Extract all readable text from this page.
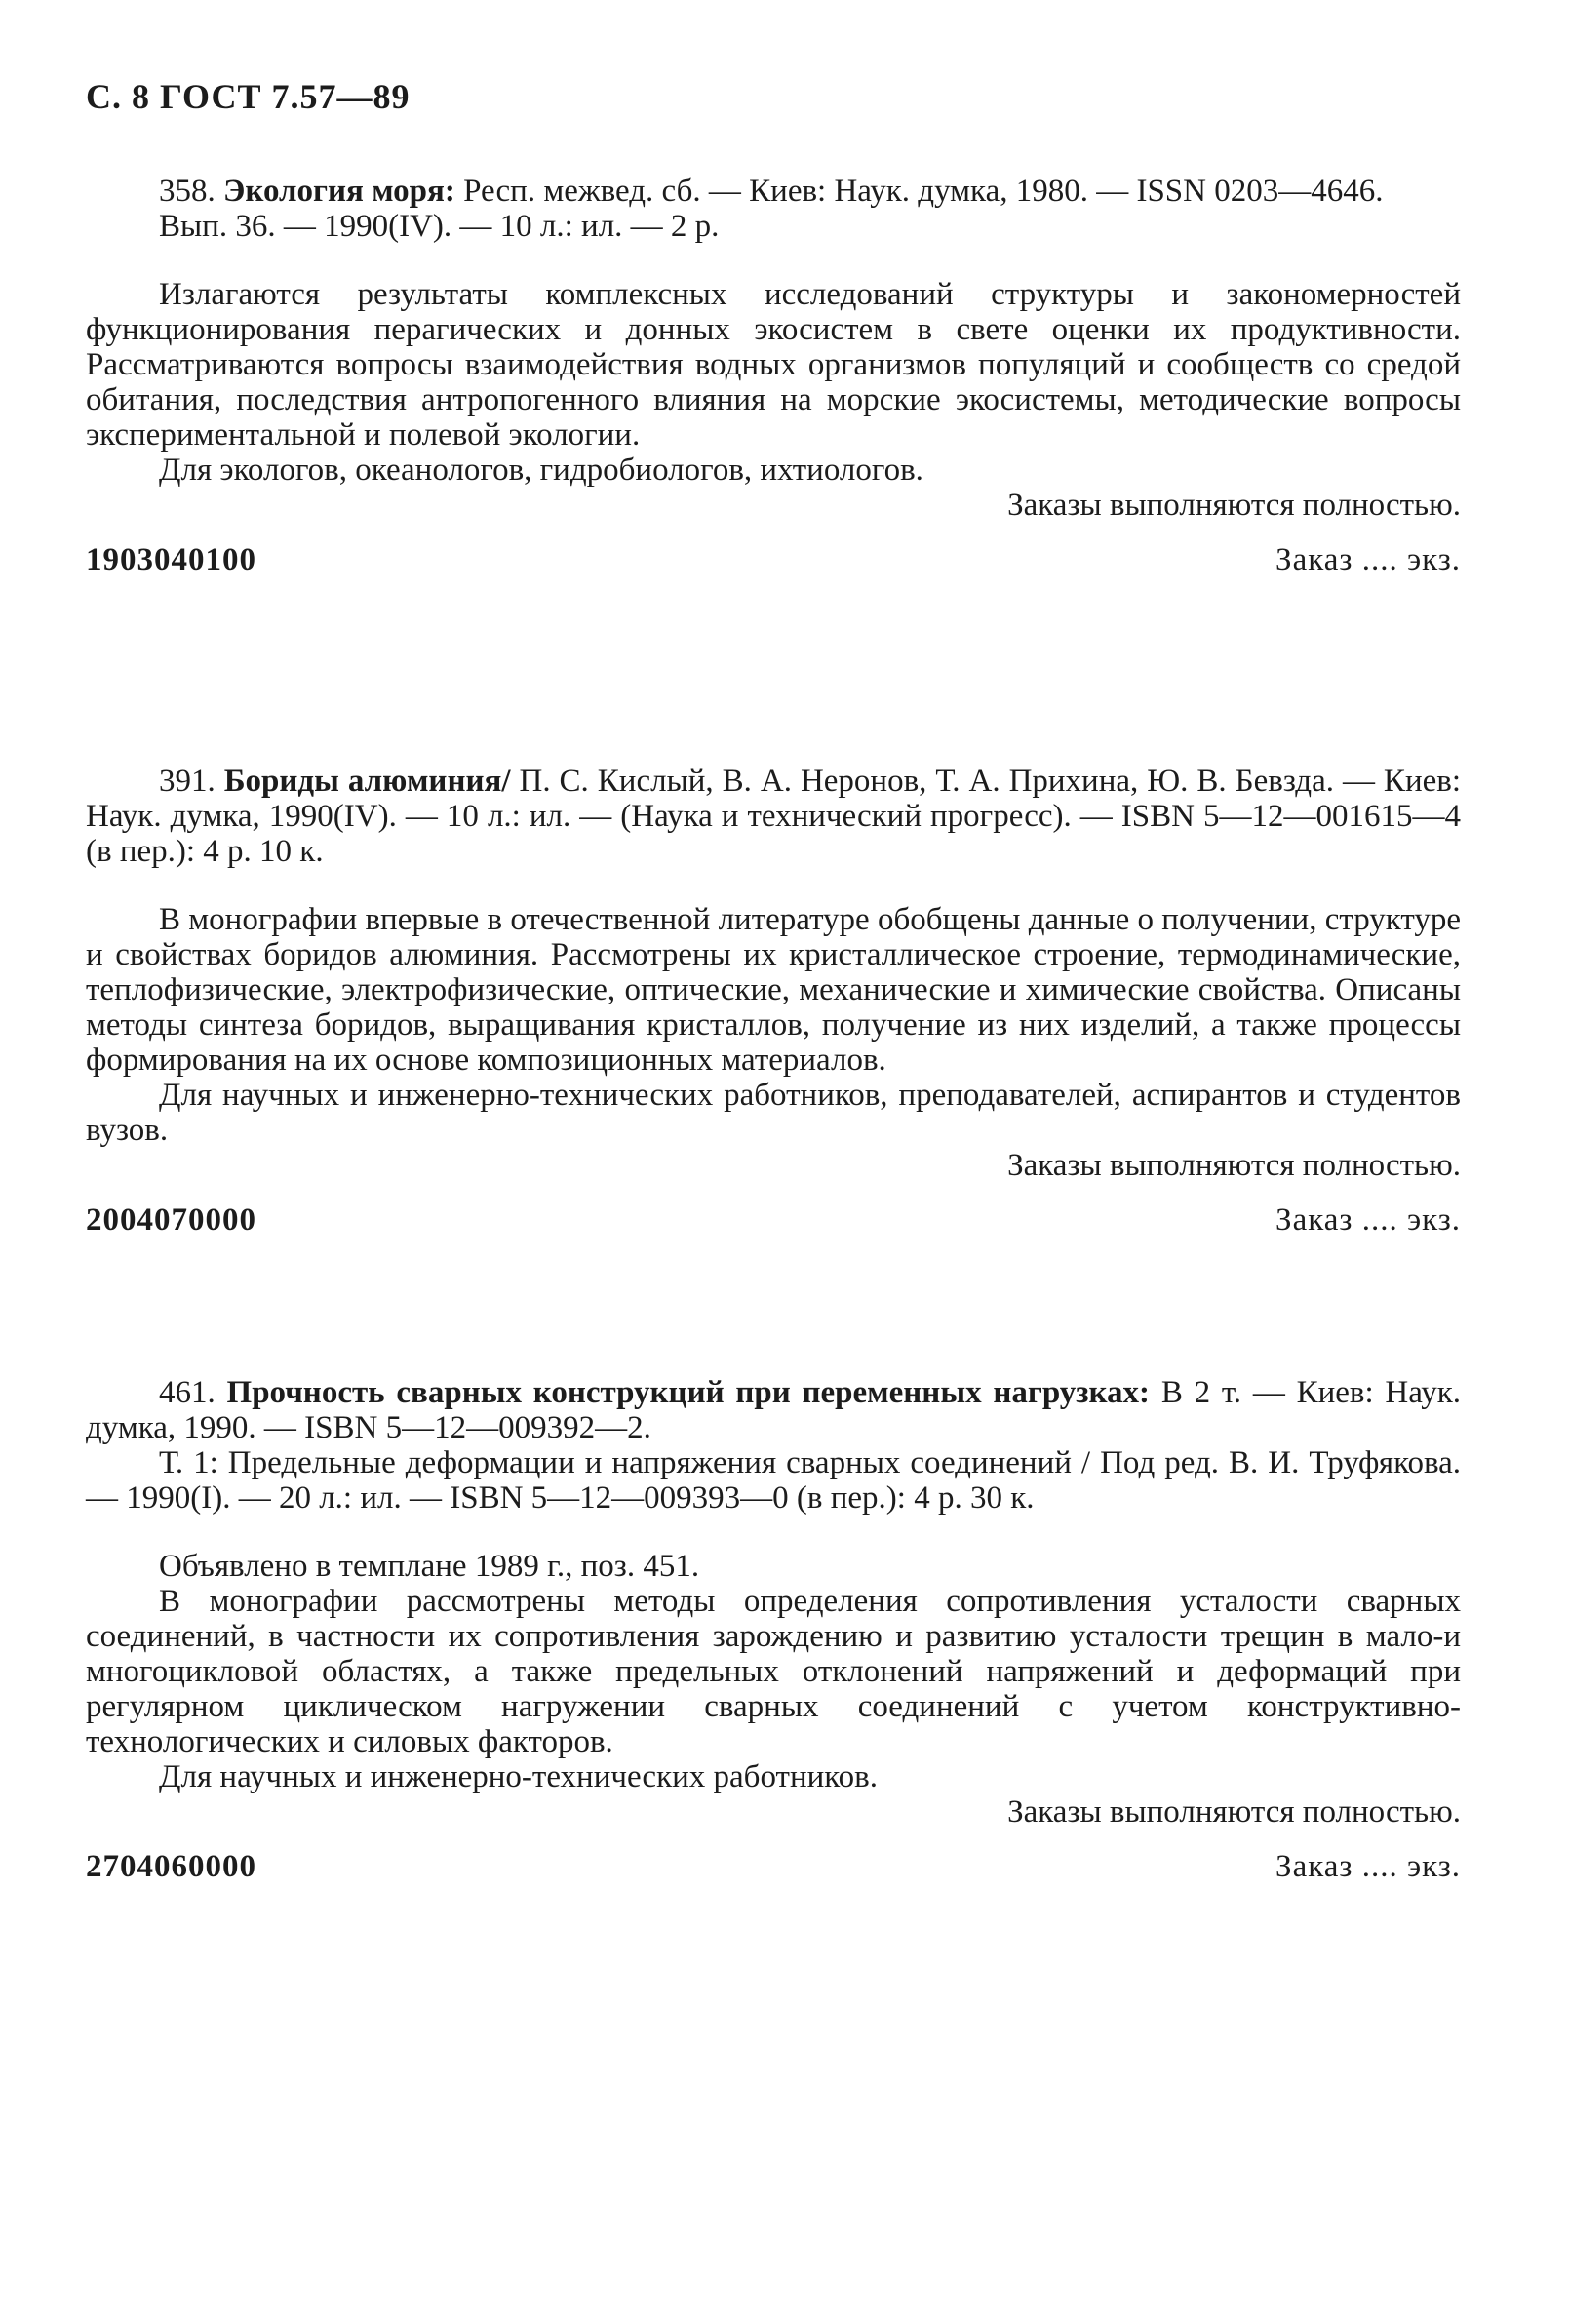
С. 8 ГОСТ 7.57—89

358. Экология моря: Респ. межвед. сб. — Киев: Наук. думка, 1980. — ISSN 0203—4646.

Вып. 36. — 1990(IV). — 10 л.: ил. — 2 р.

Излагаются результаты комплексных исследований структуры и закономерностей функционирования перагических и донных экосистем в свете оценки их продуктивности. Рассматриваются вопросы взаимодействия водных организмов популяций и сообществ со средой обитания, последствия антропогенного влияния на морские экосистемы, методические вопросы экспериментальной и полевой экологии.

Для экологов, океанологов, гидробиологов, ихтиологов.

Заказы выполняются полностью.

1903040100	Заказ .... экз.

391. Бориды алюминия/ П. С. Кислый, В. А. Неронов, Т. А. Прихина, Ю. В. Бевзда. — Киев: Наук. думка, 1990(IV). — 10 л.: ил. — (Наука и технический прогресс). — ISBN 5—12—001615—4 (в пер.): 4 р. 10 к.

В монографии впервые в отечественной литературе обобщены данные о получении, структуре и свойствах боридов алюминия. Рассмотрены их кристаллическое строение, термодинамические, теплофизические, электрофизические, оптические, механические и химические свойства. Описаны методы синтеза боридов, выращивания кристаллов, получение из них изделий, а также процессы формирования на их основе композиционных материалов.

Для научных и инженерно-технических работников, преподавателей, аспирантов и студентов вузов.

Заказы выполняются полностью.

2004070000	Заказ .... экз.

461. Прочность сварных конструкций при переменных нагрузках: В 2 т. — Киев: Наук. думка, 1990. — ISBN 5—12—009392—2.

Т. 1: Предельные деформации и напряжения сварных соединений / Под ред. В. И. Труфякова. — 1990(I). — 20 л.: ил. — ISBN 5—12—009393—0 (в пер.): 4 р. 30 к.

Объявлено в темплане 1989 г., поз. 451.

В монографии рассмотрены методы определения сопротивления усталости сварных соединений, в частности их сопротивления зарождению и развитию усталости трещин в мало-и многоцикловой областях, а также предельных отклонений напряжений и деформаций при регулярном циклическом нагружении сварных соединений с учетом конструктивно-технологических и силовых факторов.

Для научных и инженерно-технических работников.

Заказы выполняются полностью.

2704060000	Заказ .... экз.
